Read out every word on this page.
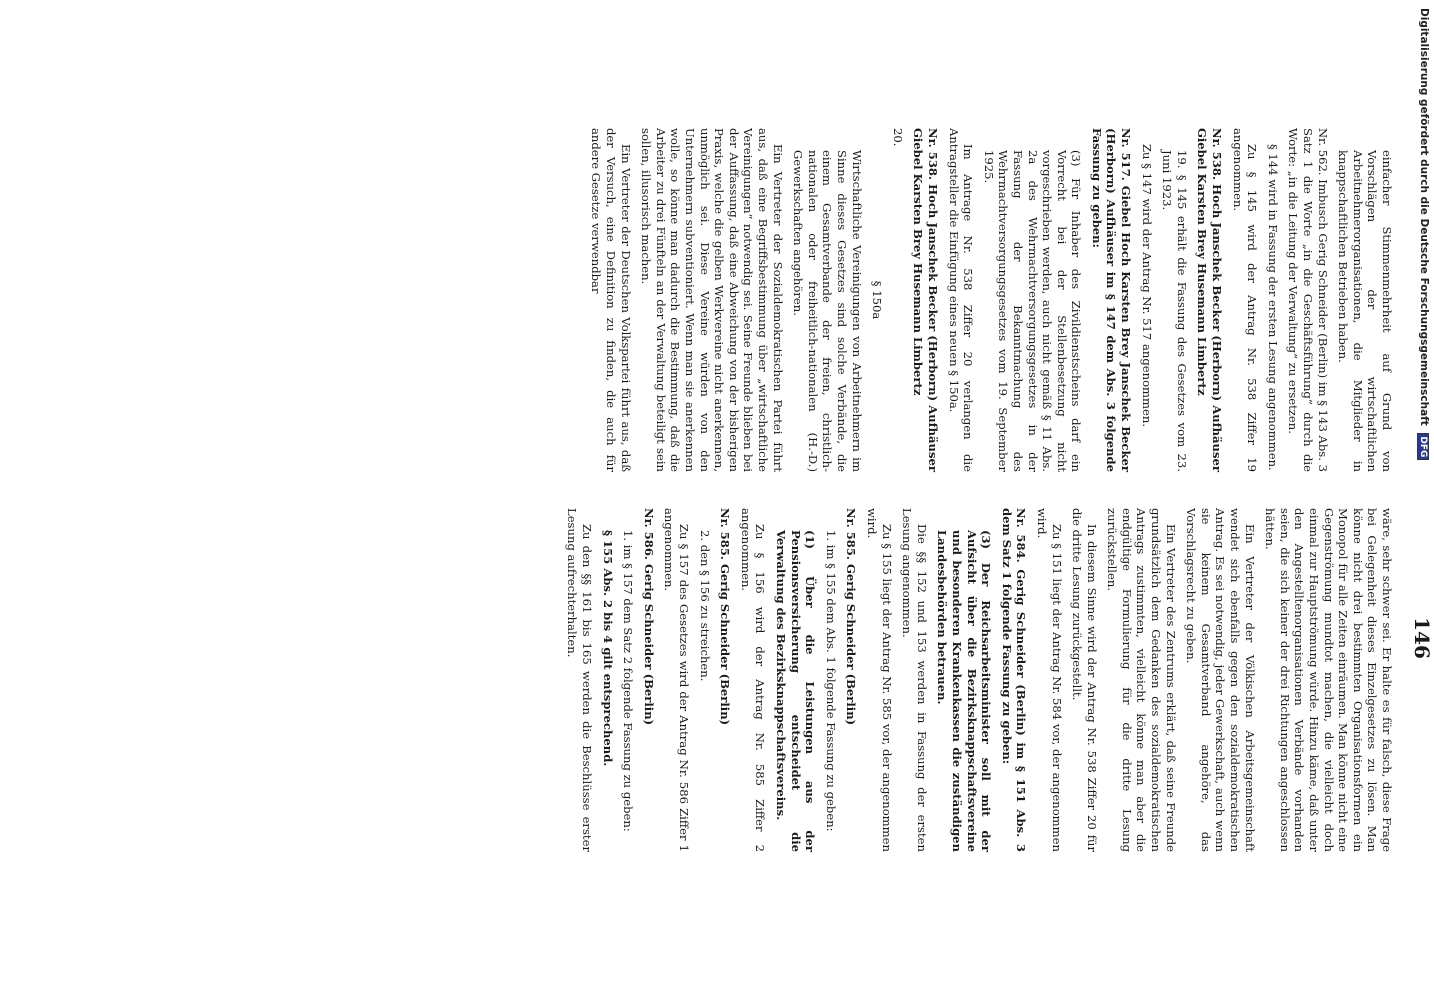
146

einfacher Stimmenmehrheit auf Grund von Vorschlägen der wirtschaftlichen Arbeitnehmerorganisationen, die Mitglieder in knappschaftlichen Betrieben haben.

Nr. 562. Imbusch Gerig Schneider (Berlin) im § 143 Abs. 3 Satz 1 die Worte „in die Geschäftsführung“ durch die Worte: „in die Leitung der Verwaltung“ zu ersetzen.

§ 144 wird in Fassung der ersten Lesung angenommen.

Zu § 145 wird der Antrag Nr. 538 Ziffer 19 angenommen.

Nr. 538. Hoch Janschek Becker (Herborn) Aufhäuser Giebel Karsten Brey Husemann Limbertz

19. § 145 erhält die Fassung des Gesetzes vom 23. Juni 1923.

Zu § 147 wird der Antrag Nr. 517 angenommen.

Nr. 517. Giebel Hoch Karsten Brey Janschek Becker (Herborn) Aufhäuser im § 147 dem Abs. 3 folgende Fassung zu geben:

(3) Für Inhaber des Zivildienstscheins darf ein Vorrecht bei der Stellenbesetzung nicht vorgeschrieben werden, auch nicht gemäß § 11 Abs. 2a des Wehrmachtversorgungsgesetzes in der Fassung der Bekanntmachung des Wehrmachtversorgungsgesetzes vom 19. September 1925.

Im Antrage Nr. 538 Ziffer 20 verlangen die Antragsteller die Einfügung eines neuen § 150a.

Nr. 538. Hoch Janschek Becker (Herborn) Aufhäuser Giebel Karsten Brey Husemann Limbertz

20.

§ 150a

Wirtschaftliche Vereinigungen von Arbeitnehmern im Sinne dieses Gesetzes sind solche Verbände, die einem Gesamtverbande der freien, christlich-nationalen oder freiheitlich-nationalen (H.-D.) Gewerkschaften angehören.

Ein Vertreter der Sozialdemokratischen Partei führt aus, daß eine Begriffsbestimmung über „wirtschaftliche Vereinigungen“ notwendig sei. Seine Freunde blieben bei der Auffassung, daß eine Abweichung von der bisherigen Praxis, welche die gelben Werkvereine nicht anerkennen, unmöglich sei. Diese Vereine würden von den Unternehmern subventioniert. Wenn man sie anerkennen wolle, so könne man dadurch die Bestimmung, daß die Arbeiter zu drei Fünfteln an der Verwaltung beteiligt sein sollen, illusorisch machen.

Ein Vertreter der Deutschen Volkspartei führt aus, daß der Versuch, eine Definition zu finden, die auch für andere Gesetze verwendbar

wäre, sehr schwer sei. Er halte es für falsch, diese Frage bei Gelegenheit dieses Einzelgesetzes zu lösen. Man könne nicht drei bestimmten Organisationsformen ein Monopol für alle Zeiten einräumen. Man könne nicht eine Gegenströmung mundtot machen, die vielleicht doch einmal zur Hauptströmung würde. Hinzu käme, daß unter den Angestelltenorganisationen Verbände vorhanden seien, die sich keiner der drei Richtungen angeschlossen hätten.

Ein Vertreter der Völkischen Arbeitsgemeinschaft wendet sich ebenfalls gegen den sozialdemokratischen Antrag. Es sei notwendig, jeder Gewerkschaft, auch wenn sie keinem Gesamtverband angehöre, das Vorschlagsrecht zu geben.

Ein Vertreter des Zentrums erklärt, daß seine Freunde grundsätzlich dem Gedanken des sozialdemokratischen Antrags zustimmten, vielleicht könne man aber die endgültige Formulierung für die dritte Lesung zurückstellen.

In diesem Sinne wird der Antrag Nr. 538 Ziffer 20 für die dritte Lesung zurückgestellt.

Zu § 151 liegt der Antrag Nr. 584 vor, der angenommen wird.

Nr. 584. Gerig Schneider (Berlin) im § 151 Abs. 3 dem Satz 1 folgende Fassung zu geben:

(3) Der Reichsarbeitsminister soll mit der Aufsicht über die Bezirksknappschaftsvereine und besonderen Krankenkassen die zuständigen Landesbehörden betrauen.

Die §§ 152 und 153 werden in Fassung der ersten Lesung angenommen.

Zu § 155 liegt der Antrag Nr. 585 vor, der angenommen wird.

Nr. 585. Gerig Schneider (Berlin)

1. im § 155 dem Abs. 1 folgende Fassung zu geben:

(1) Über die Leistungen aus der Pensionsversicherung entscheidet die Verwaltung des Bezirksknappschaftsvereins.

Zu § 156 wird der Antrag Nr. 585 Ziffer 2 angenommen.

Nr. 585. Gerig Schneider (Berlin)

2. den § 156 zu streichen.

Zu § 157 des Gesetzes wird der Antrag Nr. 586 Ziffer 1 angenommen.

Nr. 586. Gerig Schneider (Berlin)

1. im § 157 dem Satz 2 folgende Fassung zu geben:

§ 155 Abs. 2 bis 4 gilt entsprechend.

Zu den §§ 161 bis 165 werden die Beschlüsse erster Lesung aufrechterhalten.

Digitalisierung gefördert durch die Deutsche Forschungsgemeinschaft DFG
